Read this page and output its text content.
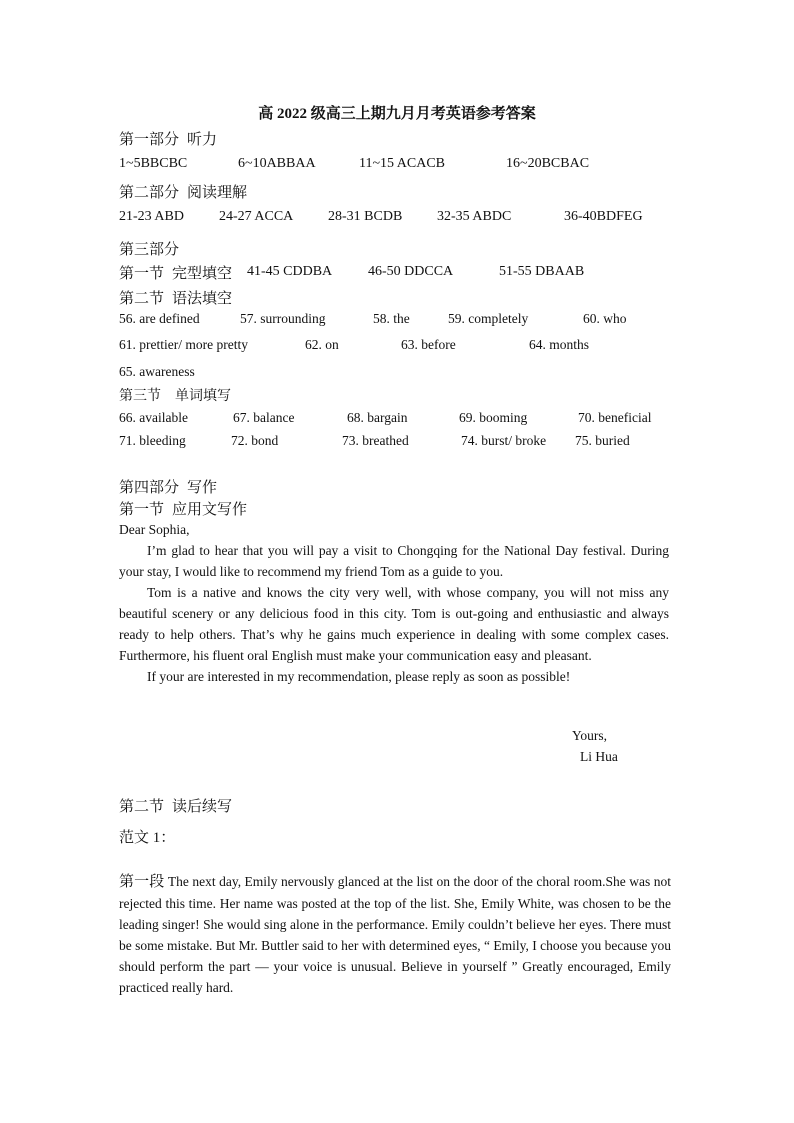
高 2022 级高三上期九月月考英语参考答案
第一部分 听力
1~5BBCBC	6~10ABBAA	11~15 ACACB	16~20BCBAC
第二部分 阅读理解
21-23 ABD	24-27 ACCA 28-31 BCDB 32-35 ABDC	36-40BDFEG
第三部分
第一节 完型填空 41-45 CDDBA	46-50 DDCCA	51-55 DBAAB
第二节 语法填空
56. are defined	57. surrounding	58. the	59. completely	60. who
61. prettier/ more pretty	62. on	63. before	64. months
65. awareness
第三节 单词填写
66. available	67. balance	68. bargain	69. booming	70. beneficial
71. bleeding	72. bond	73. breathed	74. burst/ broke 75. buried
第四部分 写作
第一节 应用文写作

Dear Sophia,

I’m glad to hear that you will pay a visit to Chongqing for the National Day festival. During your stay, I would like to recommend my friend Tom as a guide to you.

Tom is a native and knows the city very well, with whose company, you will not miss any beautiful scenery or any delicious food in this city. Tom is out-going and enthusiastic and always ready to help others. That’s why he gains much experience in dealing with some complex cases. Furthermore, his fluent oral English must make your communication easy and pleasant.

If your are interested in my recommendation, please reply as soon as possible!

Yours,
Li Hua
第二节 读后续写
范文 1：
第一段 The next day, Emily nervously glanced at the list on the door of the choral room.She was not rejected this time. Her name was posted at the top of the list. She, Emily White, was chosen to be the leading singer! She would sing alone in the performance. Emily couldn’t believe her eyes. There must be some mistake. But Mr. Buttler said to her with determined eyes, “ Emily, I choose you because you should perform the part — your voice is unusual. Believe in yourself ” Greatly encouraged, Emily practiced really hard.
